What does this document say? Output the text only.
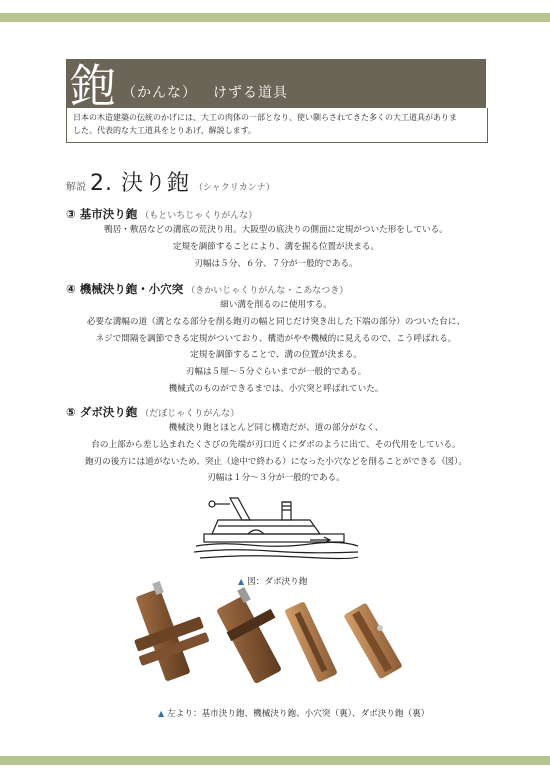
鉋 （かんな） けずる道具
日本の木造建築の伝統のかげには、大工の肉体の一部となり、使い馴らされてきた多くの大工道具がありま
した。代表的な大工道具をとりあげ、解説します。
解説 2. 決り鉋 （シャクリカンナ）
③ 基市決り鉋 （もといちじゃくりがんな）

鴨居・敷居などの溝底の荒決り用。大阪型の底決りの側面に定規がついた形をしている。

定規を調節することにより、溝を掘る位置が決まる。

刃幅は５分、６分、７分が一般的である。

④ 機械決り鉋・小穴突 （きかいじゃくりがんな・こあなつき）

細い溝を削るのに使用する。

必要な溝幅の道（溝となる部分を削る鉋刃の幅と同じだけ突き出した下端の部分）のついた台に、

ネジで間隔を調節できる定規がついており、構造がやや機械的に見えるので、こう呼ばれる。

定規を調節することで、溝の位置が決まる。

刃幅は５厘〜５分ぐらいまでが一般的である。

機械式のものができるまでは、小穴突と呼ばれていた。

⑤ ダボ決り鉋 （だぼじゃくりがんな）

機械決り鉋とほとんど同じ構造だが、道の部分がなく、

台の上部から差し込まれたくさびの先端が刃口近くにダボのように出て、その代用をしている。

鉋刃の後方には道がないため、突止（途中で終わる）になった小穴などを削ることができる（図）。

刃幅は１分〜３分が一般的である。

▲ 図：ダボ決り鉋
▲ 左より：基市決り鉋、機械決り鉋、小穴突（裏）、ダボ決り鉋（裏）
